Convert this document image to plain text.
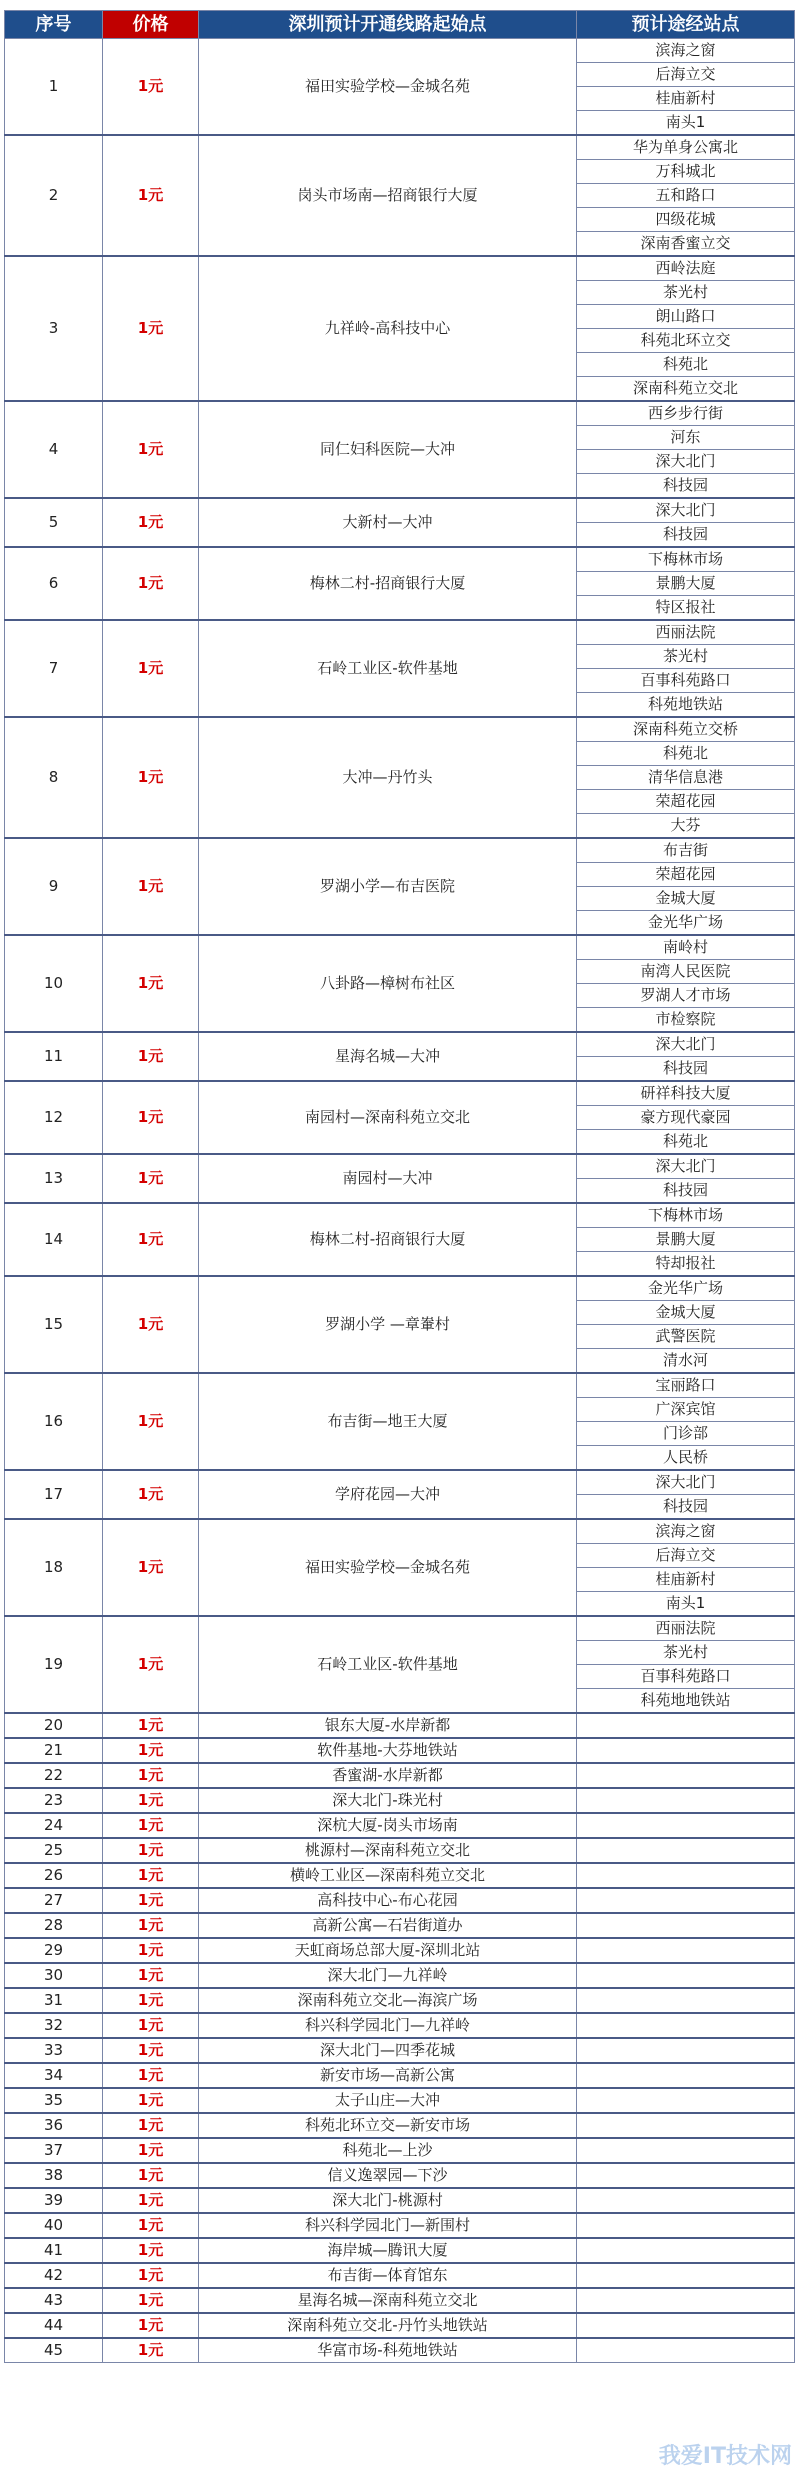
序号	价格	深圳预计开通线路起始点	预计途经站点
1	1元	福田实验学校—金城名苑	滨海之窗
			后海立交
			桂庙新村
			南头1
2	1元	岗头市场南—招商银行大厦	华为单身公寓北
			万科城北
			五和路口
			四级花城
			深南香蜜立交
3	1元	九祥岭-高科技中心	西岭法庭
			茶光村
			朗山路口
			科苑北环立交
			科苑北
			深南科苑立交北
4	1元	同仁妇科医院—大冲	西乡步行街
			河东
			深大北门
			科技园
5	1元	大新村—大冲	深大北门
			科技园
6	1元	梅林二村-招商银行大厦	下梅林市场
			景鹏大厦
			特区报社
7	1元	石岭工业区-软件基地	西丽法院
			茶光村
			百事科苑路口
			科苑地铁站
8	1元	大冲—丹竹头	深南科苑立交桥
			科苑北
			清华信息港
			荣超花园
			大芬
9	1元	罗湖小学—布吉医院	布吉街
			荣超花园
			金城大厦
			金光华广场
10	1元	八卦路—樟树布社区	南岭村
			南湾人民医院
			罗湖人才市场
			市检察院
11	1元	星海名城—大冲	深大北门
			科技园
12	1元	南园村—深南科苑立交北	研祥科技大厦
			豪方现代豪园
			科苑北
13	1元	南园村—大冲	深大北门
			科技园
14	1元	梅林二村-招商银行大厦	下梅林市场
			景鹏大厦
			特却报社
15	1元	罗湖小学 —章輋村	金光华广场
			金城大厦
			武警医院
			清水河
16	1元	布吉街—地王大厦	宝丽路口
			广深宾馆
			门诊部
			人民桥
17	1元	学府花园—大冲	深大北门
			科技园
18	1元	福田实验学校—金城名苑	滨海之窗
			后海立交
			桂庙新村
			南头1
19	1元	石岭工业区-软件基地	西丽法院
			茶光村
			百事科苑路口
			科苑地地铁站
20	1元	银东大厦-水岸新都	
21	1元	软件基地-大芬地铁站	
22	1元	香蜜湖-水岸新都	
23	1元	深大北门-珠光村	
24	1元	深杭大厦-岗头市场南	
25	1元	桃源村—深南科苑立交北	
26	1元	横岭工业区—深南科苑立交北	
27	1元	高科技中心-布心花园	
28	1元	高新公寓—石岩街道办	
29	1元	天虹商场总部大厦-深圳北站	
30	1元	深大北门—九祥岭	
31	1元	深南科苑立交北—海滨广场	
32	1元	科兴科学园北门—九祥岭	
33	1元	深大北门—四季花城	
34	1元	新安市场—高新公寓	
35	1元	太子山庄—大冲	
36	1元	科苑北环立交—新安市场	
37	1元	科苑北—上沙	
38	1元	信义逸翠园—下沙	
39	1元	深大北门-桃源村	
40	1元	科兴科学园北门—新围村	
41	1元	海岸城—腾讯大厦	
42	1元	布吉街—体育馆东	
43	1元	星海名城—深南科苑立交北	
44	1元	深南科苑立交北-丹竹头地铁站	
45	1元	华富市场-科苑地铁站	
我爱IT技术网
